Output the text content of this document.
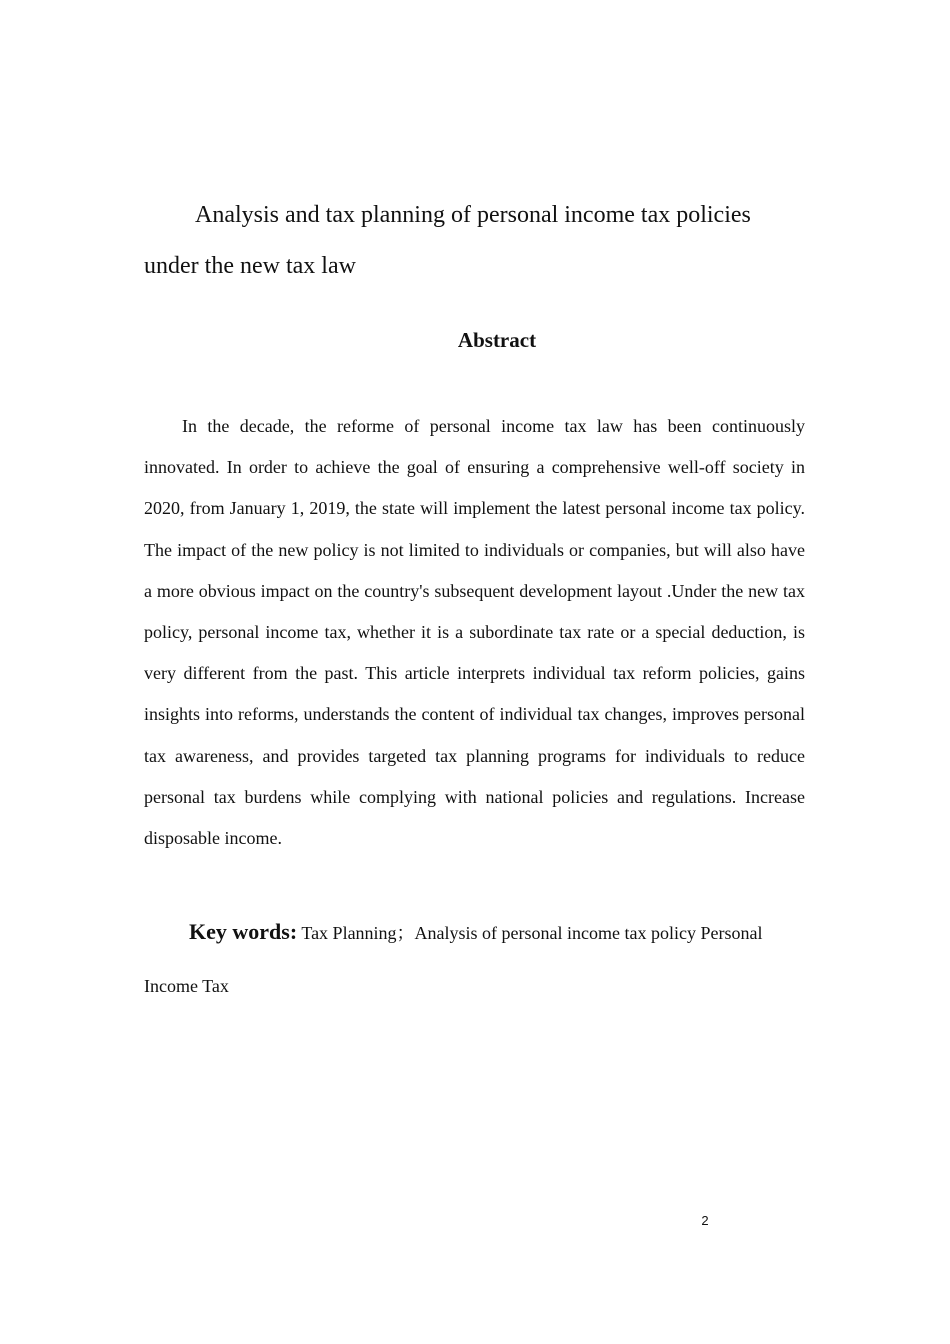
Analysis and tax planning of personal income tax policies under the new tax law
Abstract

In the decade, the reforme of personal income tax law has been continuously innovated. In order to achieve the goal of ensuring a comprehensive well-off society in 2020, from January 1, 2019, the state will implement the latest personal income tax policy. The impact of the new policy is not limited to individuals or companies, but will also have a more obvious impact on the country's subsequent development layout .Under the new tax policy, personal income tax, whether it is a subordinate tax rate or a special deduction, is very different from the past. This article interprets individual tax reform policies, gains insights into reforms, understands the content of individual tax changes, improves personal tax awareness, and provides targeted tax planning programs for individuals to reduce personal tax burdens while complying with national policies and regulations. Increase disposable income.

Key words: Tax Planning；Analysis of personal income tax policy Personal Income Tax

2
